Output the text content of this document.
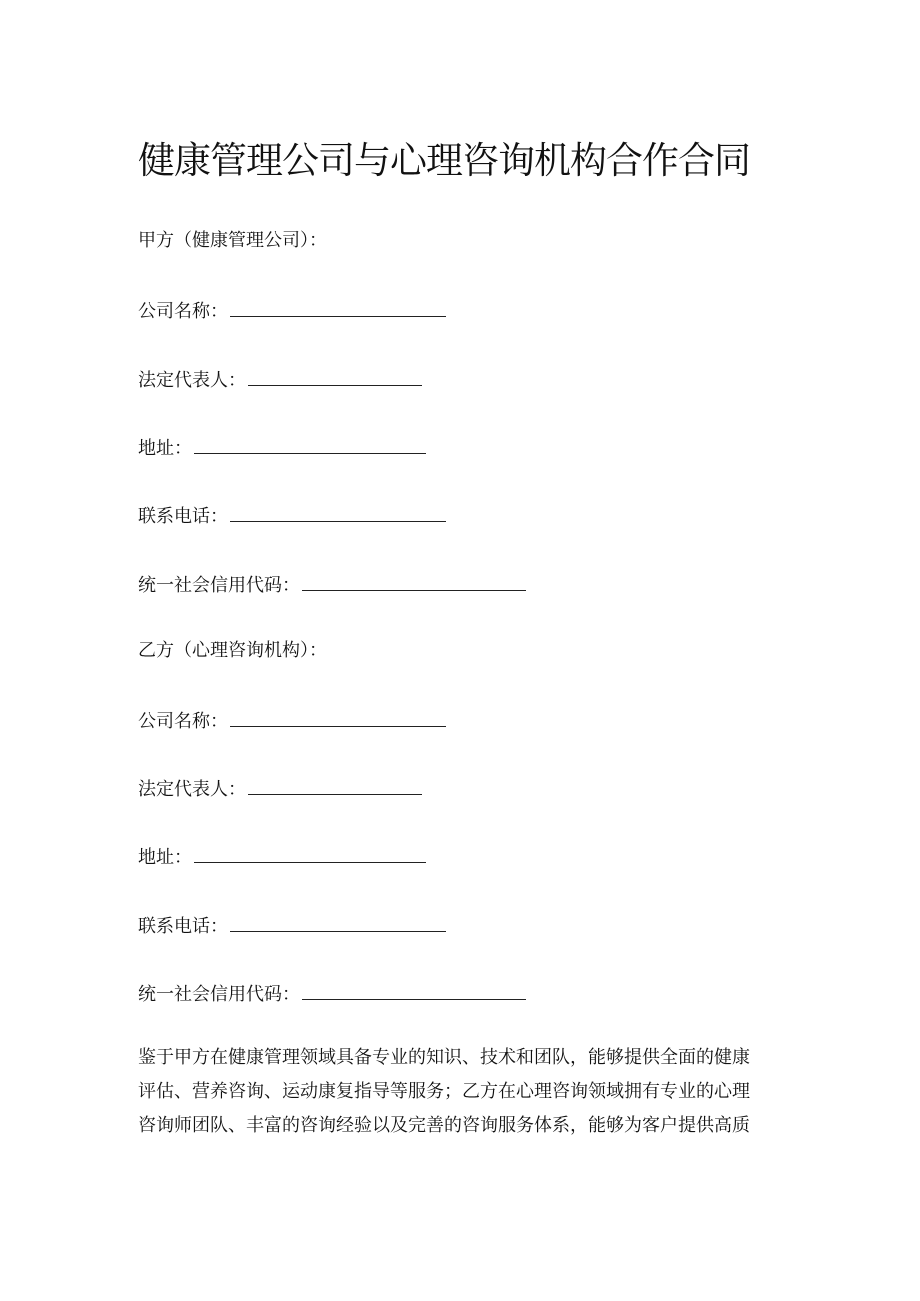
健康管理公司与心理咨询机构合作合同
甲方（健康管理公司）：
公司名称：
法定代表人：
地址：
联系电话：
统一社会信用代码：
乙方（心理咨询机构）：
公司名称：
法定代表人：
地址：
联系电话：
统一社会信用代码：

鉴于甲方在健康管理领域具备专业的知识、技术和团队，能够提供全面的健康
评估、营养咨询、运动康复指导等服务；乙方在心理咨询领域拥有专业的心理
咨询师团队、丰富的咨询经验以及完善的咨询服务体系，能够为客户提供高质
